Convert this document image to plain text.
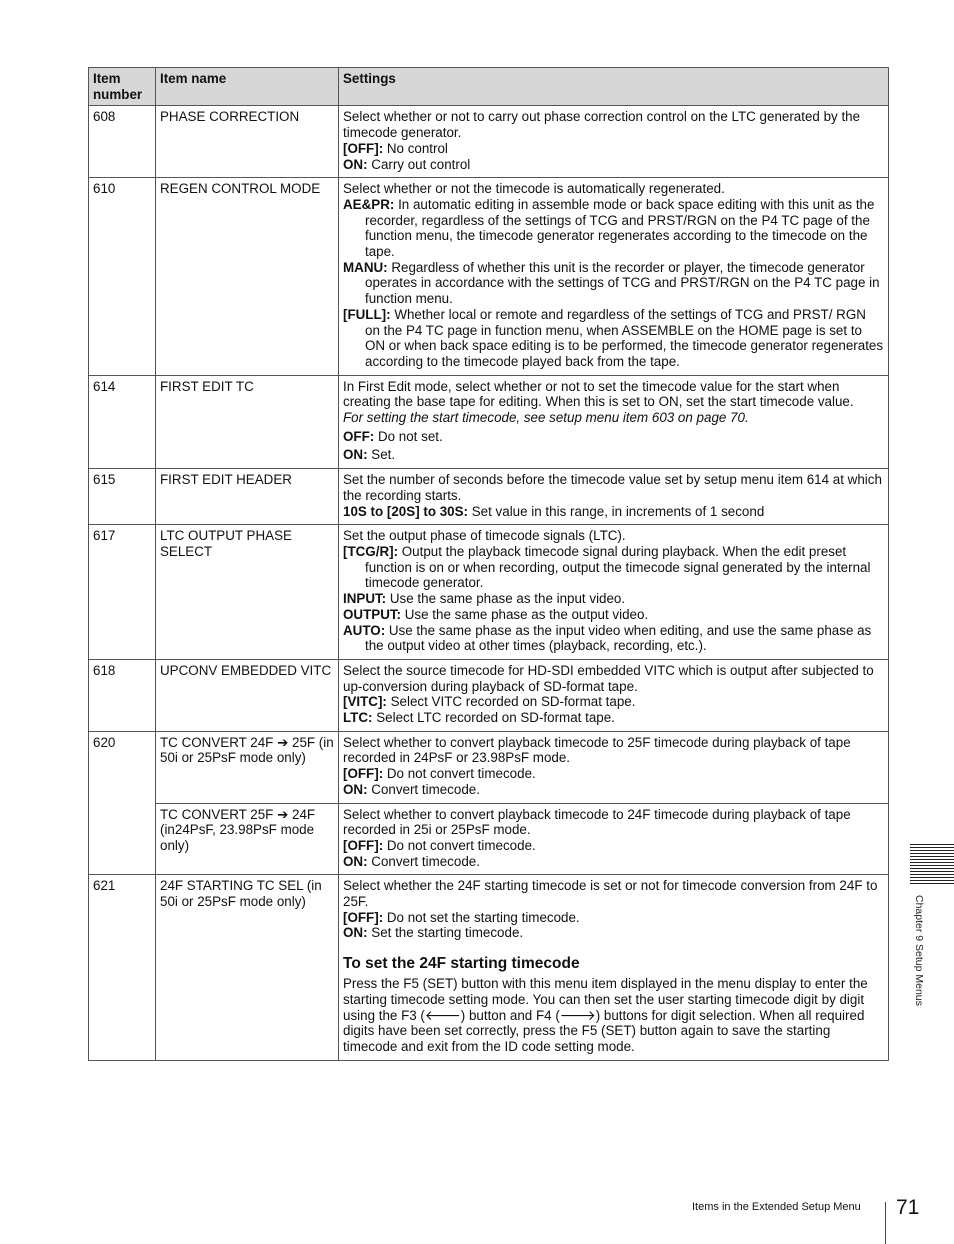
Item number	Item name	Settings
608	PHASE CORRECTION	Select whether or not to carry out phase correction control on the LTC generated by the timecode generator.
[OFF]: No control
ON: Carry out control

610	REGEN CONTROL MODE	Select whether or not the timecode is automatically regenerated.
AE&PR: In automatic editing in assemble mode or back space editing with this unit as the recorder, regardless of the settings of TCG and PRST/RGN on the P4 TC page of the function menu, the timecode generator regenerates according to the timecode on the tape.
MANU: Regardless of whether this unit is the recorder or player, the timecode generator operates in accordance with the settings of TCG and PRST/RGN on the P4 TC page in function menu.
[FULL]: Whether local or remote and regardless of the settings of TCG and PRST/ RGN on the P4 TC page in function menu, when ASSEMBLE on the HOME page is set to ON or when back space editing is to be performed, the timecode generator regenerates according to the timecode played back from the tape.

614	FIRST EDIT TC	In First Edit mode, select whether or not to set the timecode value for the start when creating the base tape for editing. When this is set to ON, set the start timecode value.
For setting the start timecode, see setup menu item 603 on page 70.
OFF: Do not set.
ON: Set.

615	FIRST EDIT HEADER	Set the number of seconds before the timecode value set by setup menu item 614 at which the recording starts.
10S to [20S] to 30S: Set value in this range, in increments of 1 second

617	LTC OUTPUT PHASE SELECT	Set the output phase of timecode signals (LTC).
[TCG/R]: Output the playback timecode signal during playback. When the edit preset function is on or when recording, output the timecode signal generated by the internal timecode generator.
INPUT: Use the same phase as the input video.
OUTPUT: Use the same phase as the output video.
AUTO: Use the same phase as the input video when editing, and use the same phase as the output video at other times (playback, recording, etc.).

618	UPCONV EMBEDDED VITC	Select the source timecode for HD-SDI embedded VITC which is output after subjected to up-conversion during playback of SD-format tape.
[VITC]: Select VITC recorded on SD-format tape.
LTC: Select LTC recorded on SD-format tape.

620	TC CONVERT 24F ➔ 25F (in 50i or 25PsF mode only)	Select whether to convert playback timecode to 25F timecode during playback of tape recorded in 24PsF or 23.98PsF mode.
[OFF]: Do not convert timecode.
ON: Convert timecode.

	TC CONVERT 25F ➔ 24F (in24PsF, 23.98PsF mode only)	Select whether to convert playback timecode to 24F timecode during playback of tape recorded in 25i or 25PsF mode.
[OFF]: Do not convert timecode.
ON: Convert timecode.

621	24F STARTING TC SEL (in 50i or 25PsF mode only)	Select whether the 24F starting timecode is set or not for timecode conversion from 24F to 25F.
[OFF]: Do not set the starting timecode.
ON: Set the starting timecode.
To set the 24F starting timecode
Press the F5 (SET) button with this menu item displayed in the menu display to enter the starting timecode setting mode. You can then set the user starting timecode digit by digit using the F3 (🡐) button and F4 (🡒) buttons for digit selection. When all required digits have been set correctly, press the F5 (SET) button again to save the starting timecode and exit from the ID code setting mode.
Chapter 9 Setup Menus
Items in the Extended Setup Menu 71
